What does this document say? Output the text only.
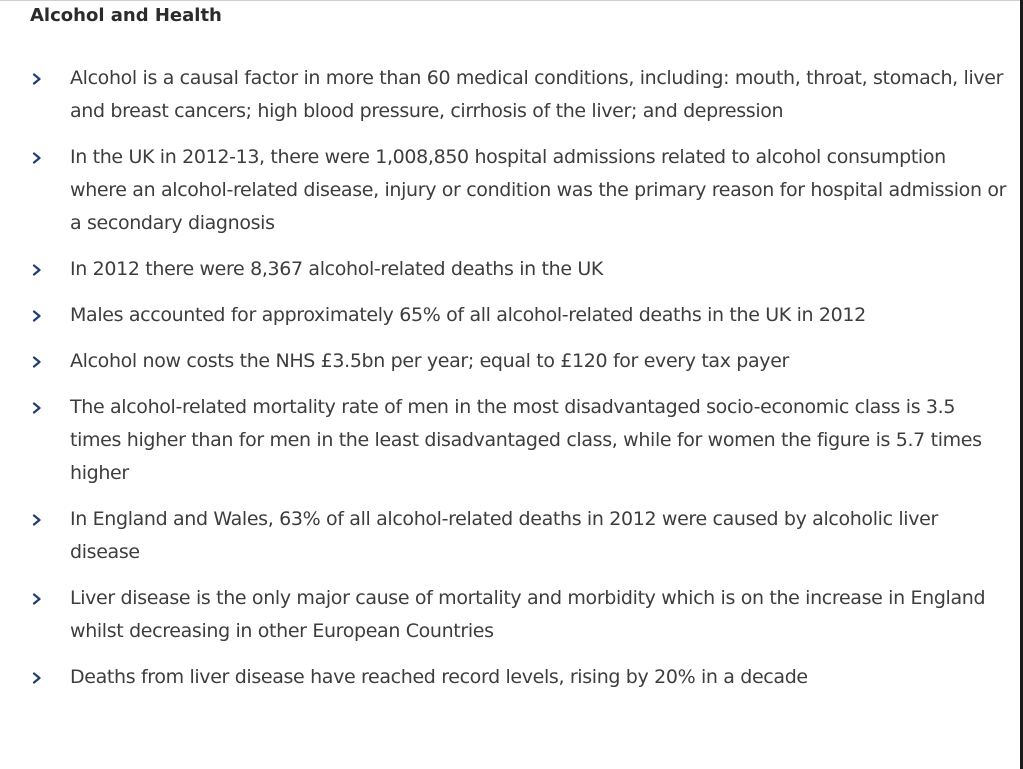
Alcohol and Health
Alcohol is a causal factor in more than 60 medical conditions, including: mouth, throat, stomach, liver and breast cancers; high blood pressure, cirrhosis of the liver; and depression
In the UK in 2012-13, there were 1,008,850 hospital admissions related to alcohol consumption where an alcohol-related disease, injury or condition was the primary reason for hospital admission or a secondary diagnosis
In 2012 there were 8,367 alcohol-related deaths in the UK
Males accounted for approximately 65% of all alcohol-related deaths in the UK in 2012
Alcohol now costs the NHS £3.5bn per year; equal to £120 for every tax payer
The alcohol-related mortality rate of men in the most disadvantaged socio-economic class is 3.5 times higher than for men in the least disadvantaged class, while for women the figure is 5.7 times higher
In England and Wales, 63% of all alcohol-related deaths in 2012 were caused by alcoholic liver disease
Liver disease is the only major cause of mortality and morbidity which is on the increase in England whilst decreasing in other European Countries
Deaths from liver disease have reached record levels, rising by 20% in a decade
